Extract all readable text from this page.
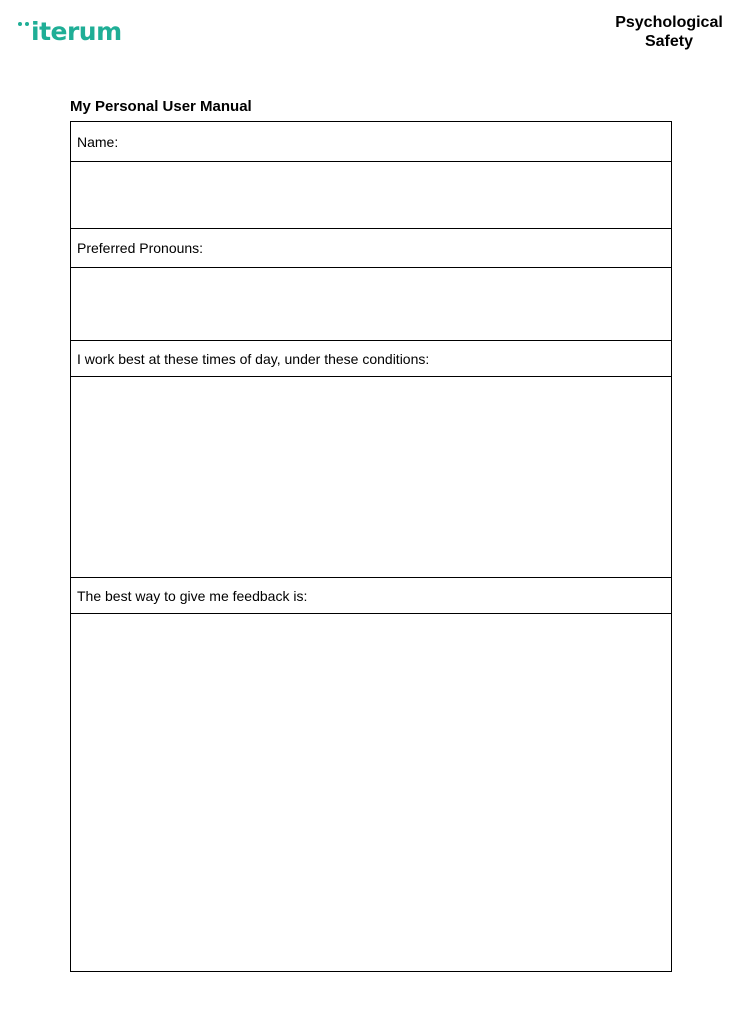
iterum	Psychological
Safety
My Personal User Manual
Name:
Preferred Pronouns:
I work best at these times of day, under these conditions:
The best way to give me feedback is:
